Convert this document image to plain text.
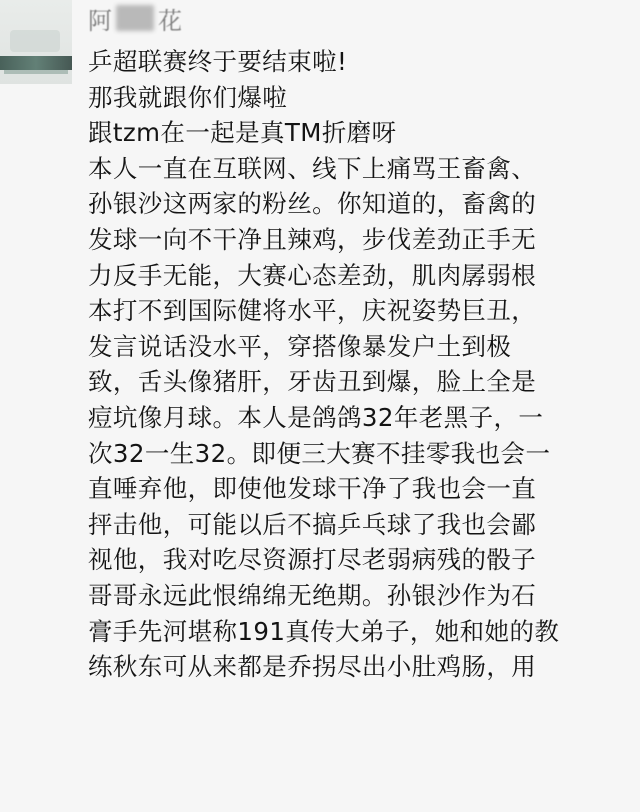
阿 花
乒超联赛终于要结束啦!
那我就跟你们爆啦
跟tzm在一起是真TM折磨呀
本人一直在互联网、线下上痛骂王畜禽、
孙银沙这两家的粉丝。你知道的，畜禽的
发球一向不干净且辣鸡，步伐差劲正手无
力反手无能，大赛心态差劲，肌肉孱弱根
本打不到国际健将水平，庆祝姿势巨丑，
发言说话没水平，穿搭像暴发户土到极
致，舌头像猪肝，牙齿丑到爆，脸上全是
痘坑像月球。本人是鸽鸽32年老黑子，一
次32一生32。即便三大赛不挂零我也会一
直唾弃他，即使他发球干净了我也会一直
抨击他，可能以后不搞乒乓球了我也会鄙
视他，我对吃尽资源打尽老弱病残的骰子
哥哥永远此恨绵绵无绝期。孙银沙作为石
膏手先河堪称191真传大弟子，她和她的教
练秋东可从来都是乔拐尽出小肚鸡肠，用
